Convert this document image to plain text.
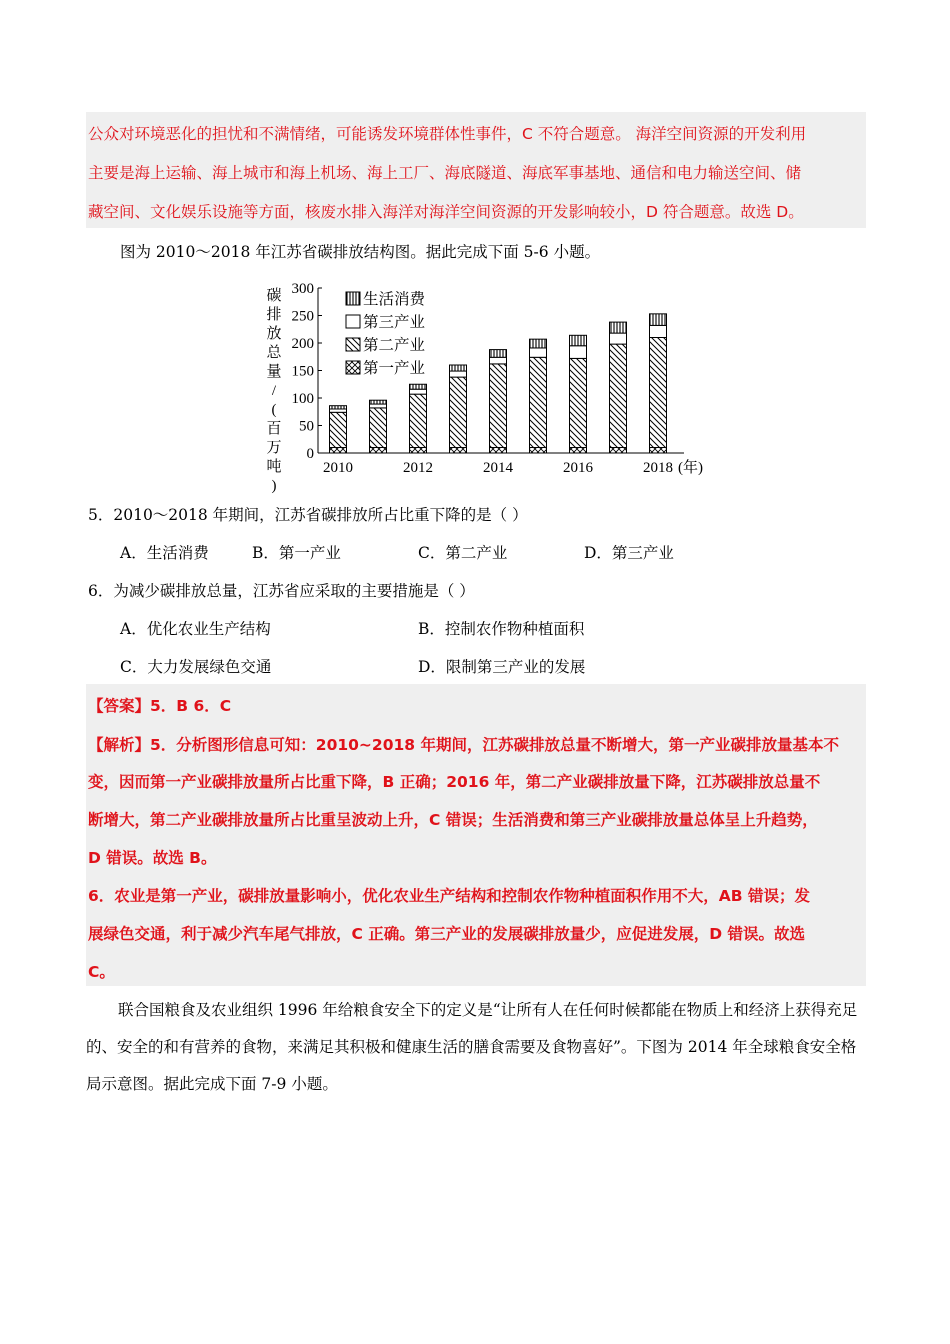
公众对环境恶化的担忧和不满情绪，可能诱发环境群体性事件，C 不符合题意。 海洋空间资源的开发利用
主要是海上运输、海上城市和海上机场、海上工厂、海底隧道、海底军事基地、通信和电力输送空间、储
藏空间、文化娱乐设施等方面，核废水排入海洋对海洋空间资源的开发影响较小，D 符合题意。故选 D。
图为 2010～2018 年江苏省碳排放结构图。据此完成下面 5-6 小题。
碳排放总量/ (百万吨)
0
50
100
150
200
250
300
2010	2012	2014	2016	2018 (年)
生活消费
第三产业
第二产业
第一产业
5．2010～2018 年期间，江苏省碳排放所占比重下降的是（ ）
A．生活消费	B．第一产业	C．第二产业	D．第三产业
6．为减少碳排放总量，江苏省应采取的主要措施是（ ）
A．优化农业生产结构	B．控制农作物种植面积
C．大力发展绿色交通	D．限制第三产业的发展
【答案】5．B 6．C
【解析】5．分析图形信息可知：2010~2018 年期间，江苏碳排放总量不断增大，第一产业碳排放量基本不
变，因而第一产业碳排放量所占比重下降，B 正确；2016 年，第二产业碳排放量下降，江苏碳排放总量不
断增大，第二产业碳排放量所占比重呈波动上升，C 错误；生活消费和第三产业碳排放量总体呈上升趋势，
D 错误。故选 B。
6．农业是第一产业，碳排放量影响小，优化农业生产结构和控制农作物种植面积作用不大，AB 错误；发
展绿色交通，利于减少汽车尾气排放，C 正确。第三产业的发展碳排放量少，应促进发展，D 错误。故选
C。
联合国粮食及农业组织 1996 年给粮食安全下的定义是“让所有人在任何时候都能在物质上和经济上获得充足的、安全的和有营养的食物，来满足其积极和健康生活的膳食需要及食物喜好”。下图为 2014 年全球粮食安全格局示意图。据此完成下面 7-9 小题。
